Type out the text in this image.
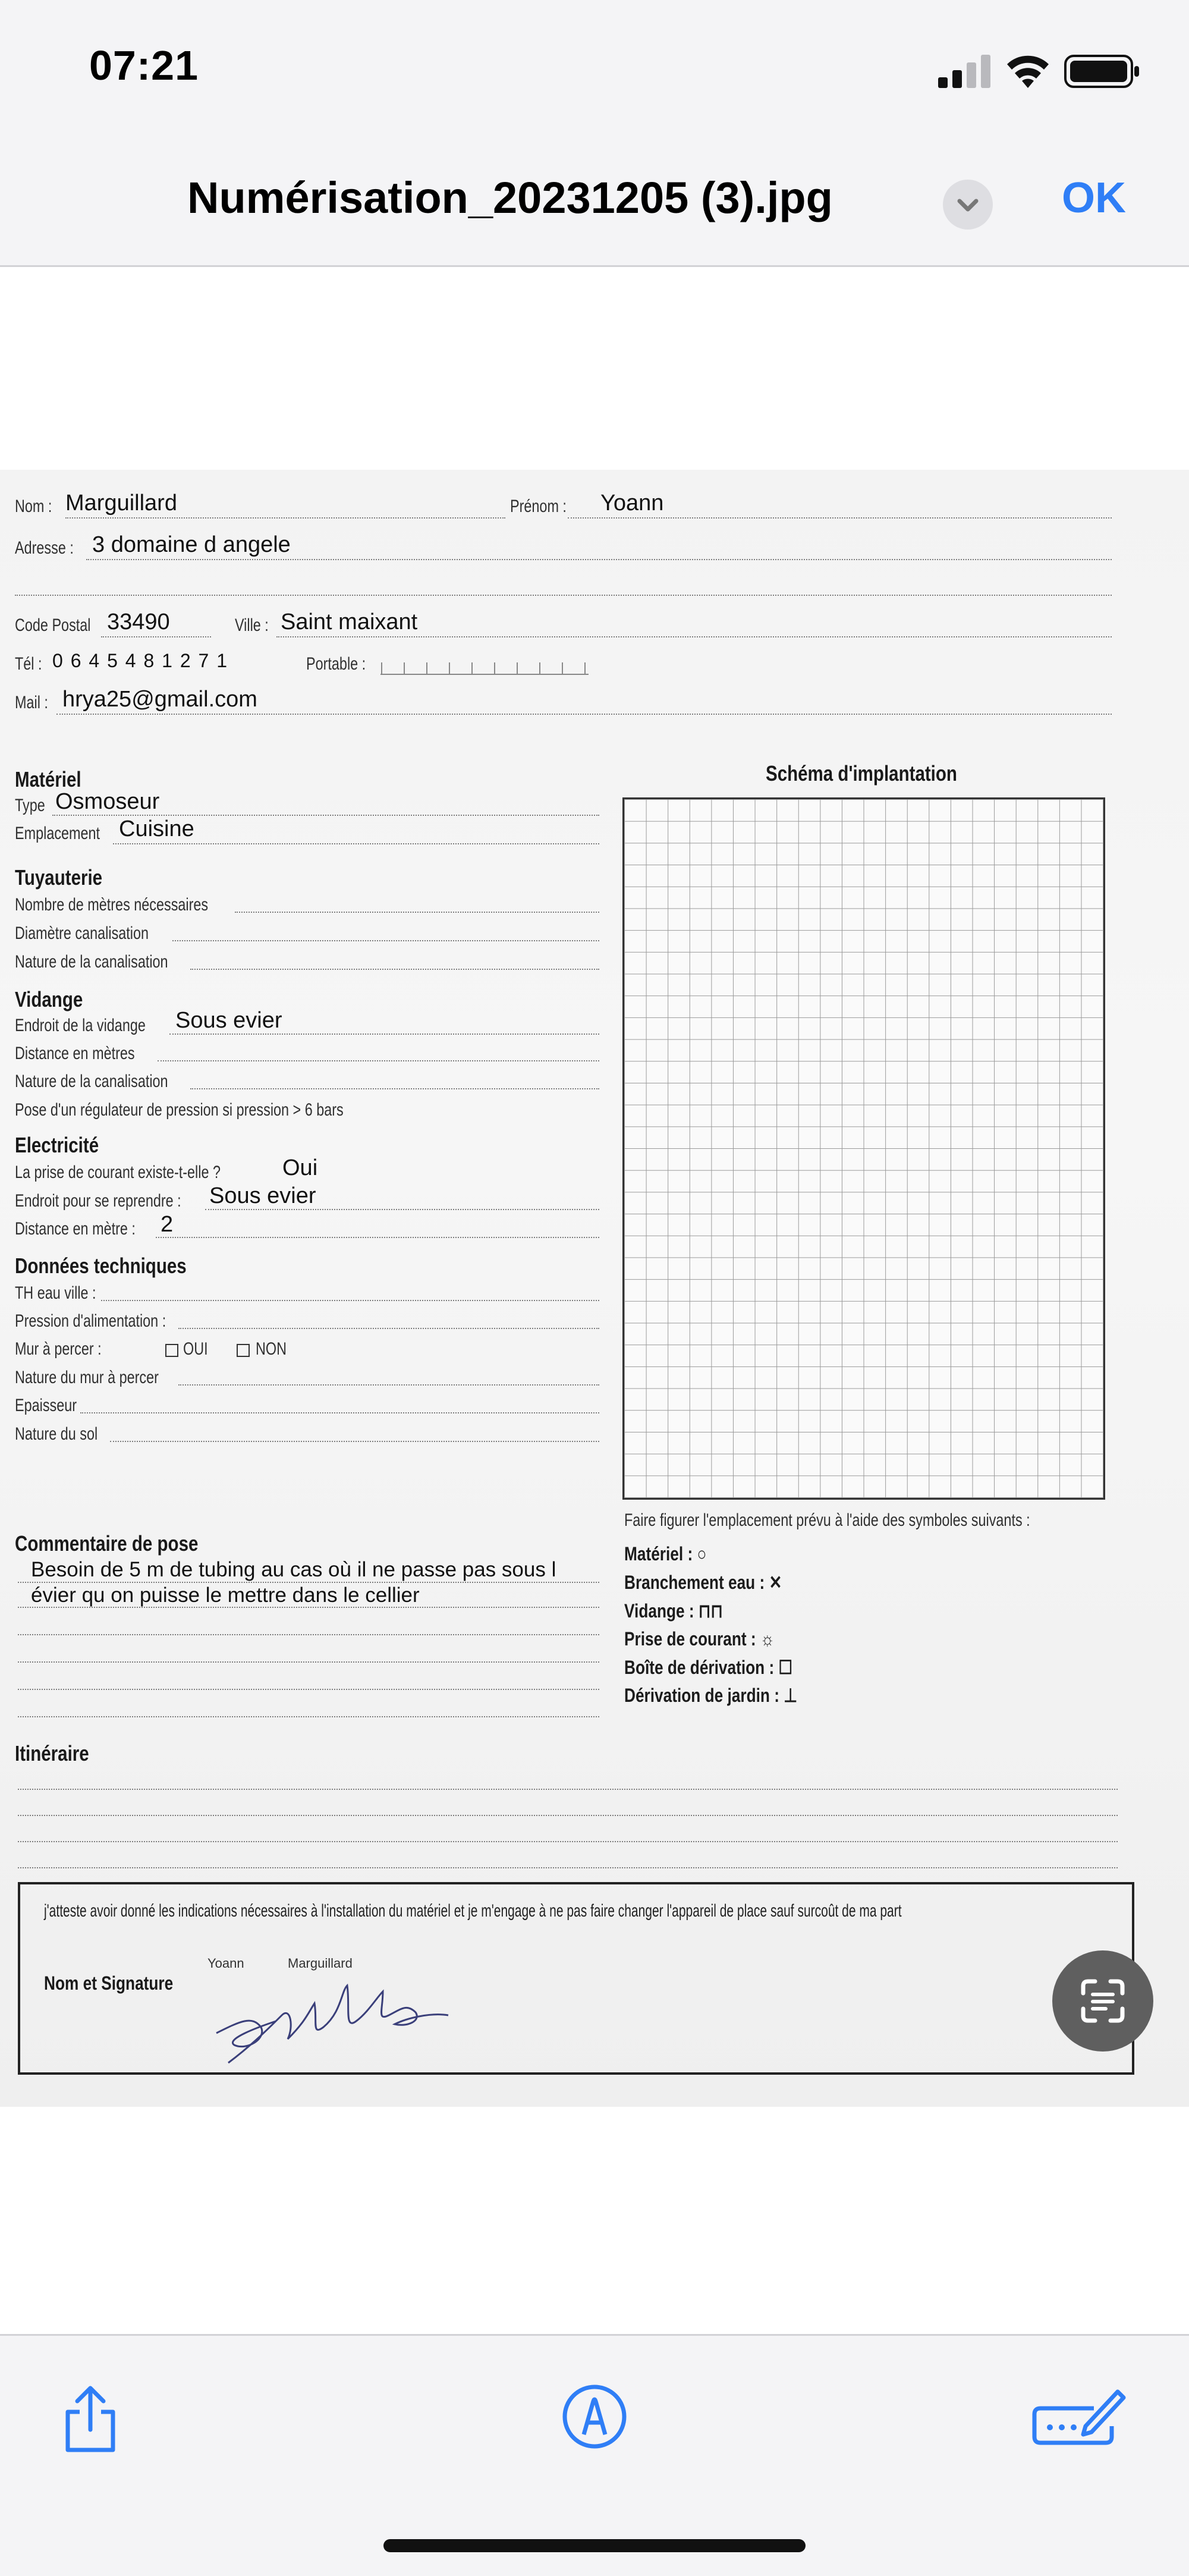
07:21
Numérisation_20231205 (3).jpg	OK
Nom : Marguillard	Prénom : Yoann
Adresse : 3 domaine d angele
Code Postal 33490	Ville : Saint maixant
Tél : 0 6 4 5 4 8 1 2 7 1	Portable :
Mail : hrya25@gmail.com
Schéma d'implantation
Matériel
Type Osmoseur
Emplacement Cuisine
Tuyauterie
Nombre de mètres nécessaires
Diamètre canalisation
Nature de la canalisation
Vidange
Endroit de la vidange Sous evier
Distance en mètres
Nature de la canalisation
Pose d'un régulateur de pression si pression > 6 bars
Electricité
La prise de courant existe-t-elle ?	Oui
Endroit pour se reprendre : Sous evier
Distance en mètre : 2
Données techniques
TH eau ville :
Pression d'alimentation :
Mur à percer :	OUI	NON
Nature du mur à percer
Epaisseur
Nature du sol
Faire figurer l'emplacement prévu à l'aide des symboles suivants :
Matériel : ○
Branchement eau : ✕
Vidange : ⊓⊓
Prise de courant : ☼
Boîte de dérivation : ☐
Dérivation de jardin : ⊥
Commentaire de pose
Besoin de 5 m de tubing au cas où il ne passe pas sous l
évier qu on puisse le mettre dans le cellier
Itinéraire
j'atteste avoir donné les indications nécessaires à l'installation du matériel et je m'engage à ne pas faire changer l'appareil de place sauf surcoût de ma part
Nom et Signature
Yoann	Marguillard
